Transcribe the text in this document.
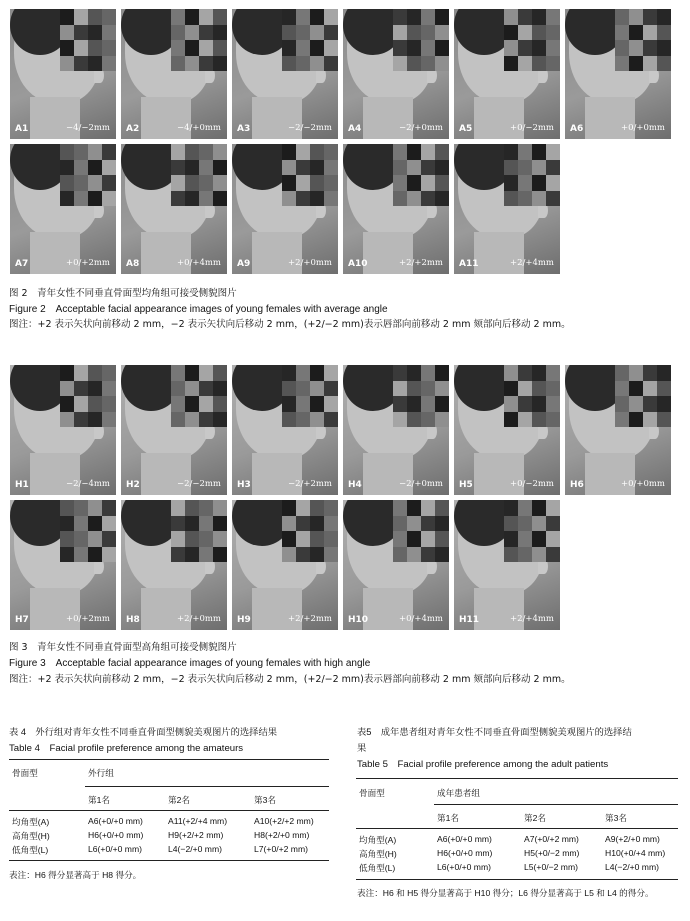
A1	−4/−2mm A2	−4/+0mm A3	−2/−2mm A4	−2/+0mm A5	+0/−2mm A6	+0/+0mm
A7	+0/+2mm A8	+0/+4mm A9	+2/+0mm A10	+2/+2mm A11	+2/+4mm
图 2　青年女性不同垂直骨面型均角组可接受侧貌图片
Figure 2　Acceptable facial appearance images of young females with average angle
图注：+2 表示矢状向前移动 2 mm，−2 表示矢状向后移动 2 mm，(+2/−2 mm)表示唇部向前移动 2 mm 颏部向后移动 2 mm。
H1	−2/−4mm H2	−2/−2mm H3	−2/+2mm H4	−2/+0mm H5	+0/−2mm H6	+0/+0mm
H7	+0/+2mm H8	+2/+0mm H9	+2/+2mm H10	+0/+4mm H11	+2/+4mm
图 3　青年女性不同垂直骨面型高角组可接受侧貌图片
Figure 3　Acceptable facial appearance images of young females with high angle
图注：+2 表示矢状向前移动 2 mm，−2 表示矢状向后移动 2 mm，(+2/−2 mm)表示唇部向前移动 2 mm 颏部向后移动 2 mm。
表 4　外行组对青年女性不同垂直骨面型侧貌美观图片的选择结果
Table 4　Facial profile preference among the amateurs
骨面型	外行组
第1名	第2名	第3名
均角型(A)	A6(+0/+0 mm)	A11(+2/+4 mm)	A10(+2/+2 mm)
高角型(H)	H6(+0/+0 mm)	H9(+2/+2 mm)	H8(+2/+0 mm)
低角型(L)	L6(+0/+0 mm)	L4(−2/+0 mm)	L7(+0/+2 mm)
表注：H6 得分显著高于 H8 得分。
表5　成年患者组对青年女性不同垂直骨面型侧貌美观图片的选择结
果
Table 5　Facial profile preference among the adult patients
骨面型	成年患者组
第1名	第2名	第3名
均角型(A)	A6(+0/+0 mm)	A7(+0/+2 mm)	A9(+2/+0 mm)
高角型(H)	H6(+0/+0 mm)	H5(+0/−2 mm)	H10(+0/+4 mm)
低角型(L)	L6(+0/+0 mm)	L5(+0/−2 mm)	L4(−2/+0 mm)
表注：H6 和 H5 得分显著高于 H10 得分；L6 得分显著高于 L5 和 L4 的得分。
